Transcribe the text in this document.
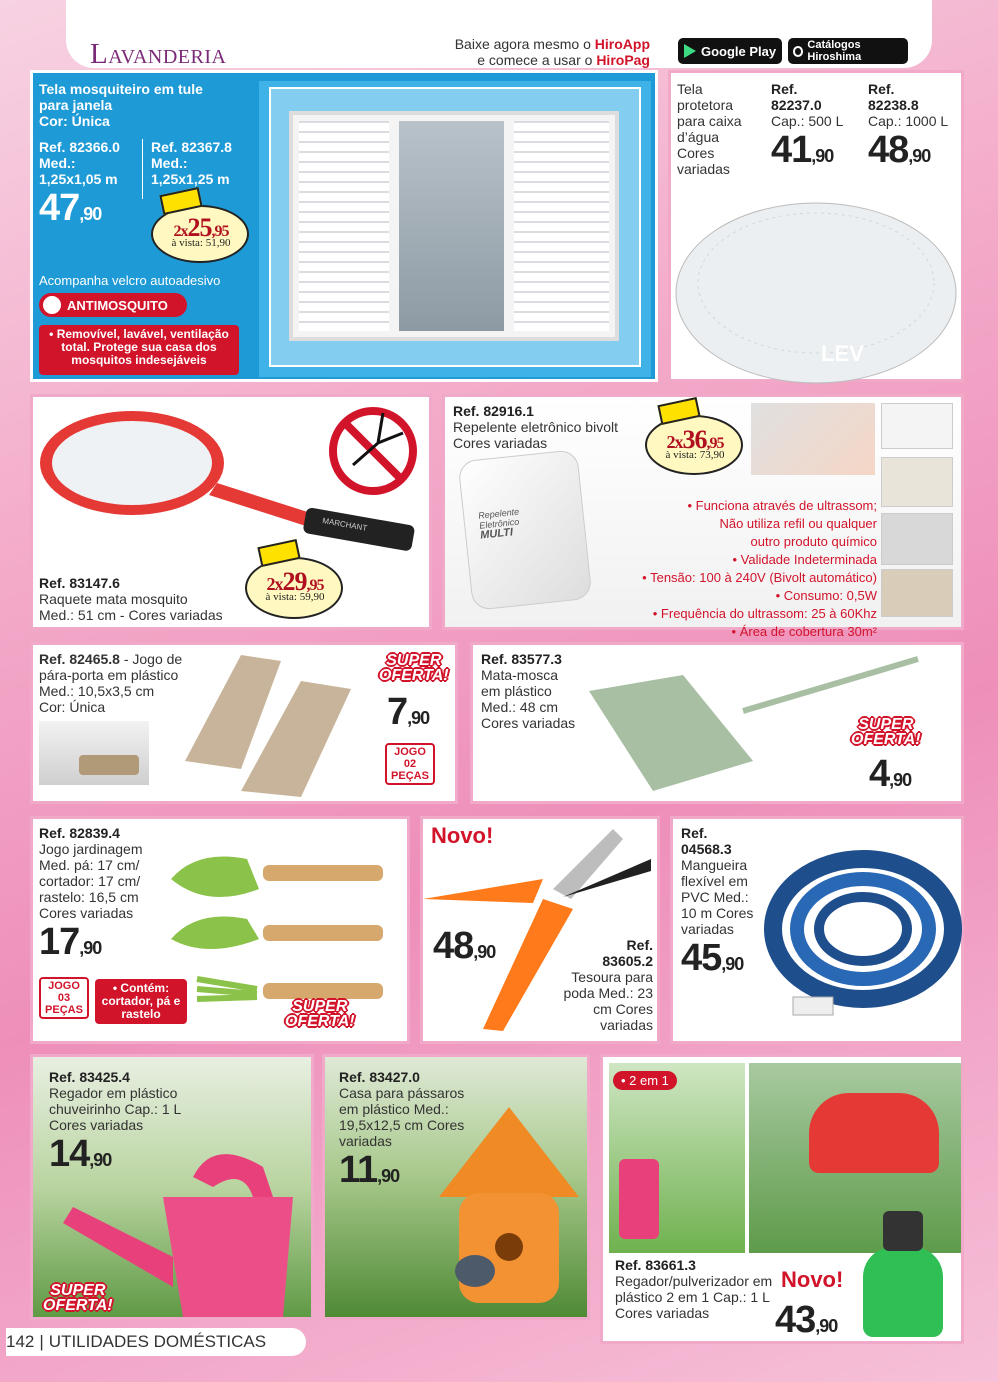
Lavanderia	Baixe agora mesmo o HiroApp
e comece a usar o HiroPag
Google Play	Catálogos Hiroshima
Tela mosquiteiro em tule para janela
Cor: Única
Ref. 82366.0
Med.:
1,25x1,05 m
Ref. 82367.8
Med.:
1,25x1,25 m
47,90
2x25,95
à vista: 51,90
Acompanha velcro autoadesivo
ANTIMOSQUITO
• Removível, lavável, ventilação total. Protege sua casa dos mosquitos indesejáveis
Tela protetora para caixa d’água Cores variadas
Ref. 82237.0
Cap.: 500 L
41,90
Ref. 82238.8
Cap.: 1000 L
48,90
LEV
MARCHANT
Ref. 83147.6
Raquete mata mosquito
Med.: 51 cm - Cores variadas
2x29,95
à vista: 59,90
Ref. 82916.1
Repelente eletrônico bivolt
Cores variadas	2x36,95
à vista: 73,90
Repelente
Eletrônico
MULTI
• Funciona através de ultrassom;
Não utiliza refil ou qualquer
outro produto químico
• Validade Indeterminada
• Tensão: 100 à 240V (Bivolt automático)
• Consumo: 0,5W
• Frequência do ultrassom: 25 à 60Khz
• Área de cobertura 30m²
Ref. 82465.8 - Jogo de
pára-porta em plástico
Med.: 10,5x3,5 cm
Cor: Única
SUPER
OFERTA!
7,90
JOGO
02
PEÇAS
Ref. 83577.3
Mata-mosca em plástico Med.: 48 cm Cores variadas	SUPER
OFERTA!
4,90
Ref. 82839.4
Jogo jardinagem Med. pá: 17 cm/ cortador: 17 cm/ rastelo: 16,5 cm Cores variadas
17,90
JOGO
03
PEÇAS
• Contém: cortador, pá e rastelo	SUPER
OFERTA!
Novo!
48,90	Ref.
83605.2
Tesoura para poda Med.: 23 cm Cores variadas
Ref.
04568.3
Mangueira flexível em PVC Med.: 10 m Cores variadas
45,90
Ref. 83425.4
Regador em plástico chuveirinho Cap.: 1 L Cores variadas
14,90
SUPER
OFERTA!
Ref. 83427.0
Casa para pássaros em plástico Med.: 19,5x12,5 cm Cores variadas
11,90
• 2 em 1
Ref. 83661.3
Regador/pulverizador em plástico 2 em 1 Cap.: 1 L Cores variadas
Novo!
43,90
142 | UTILIDADES DOMÉSTICAS
